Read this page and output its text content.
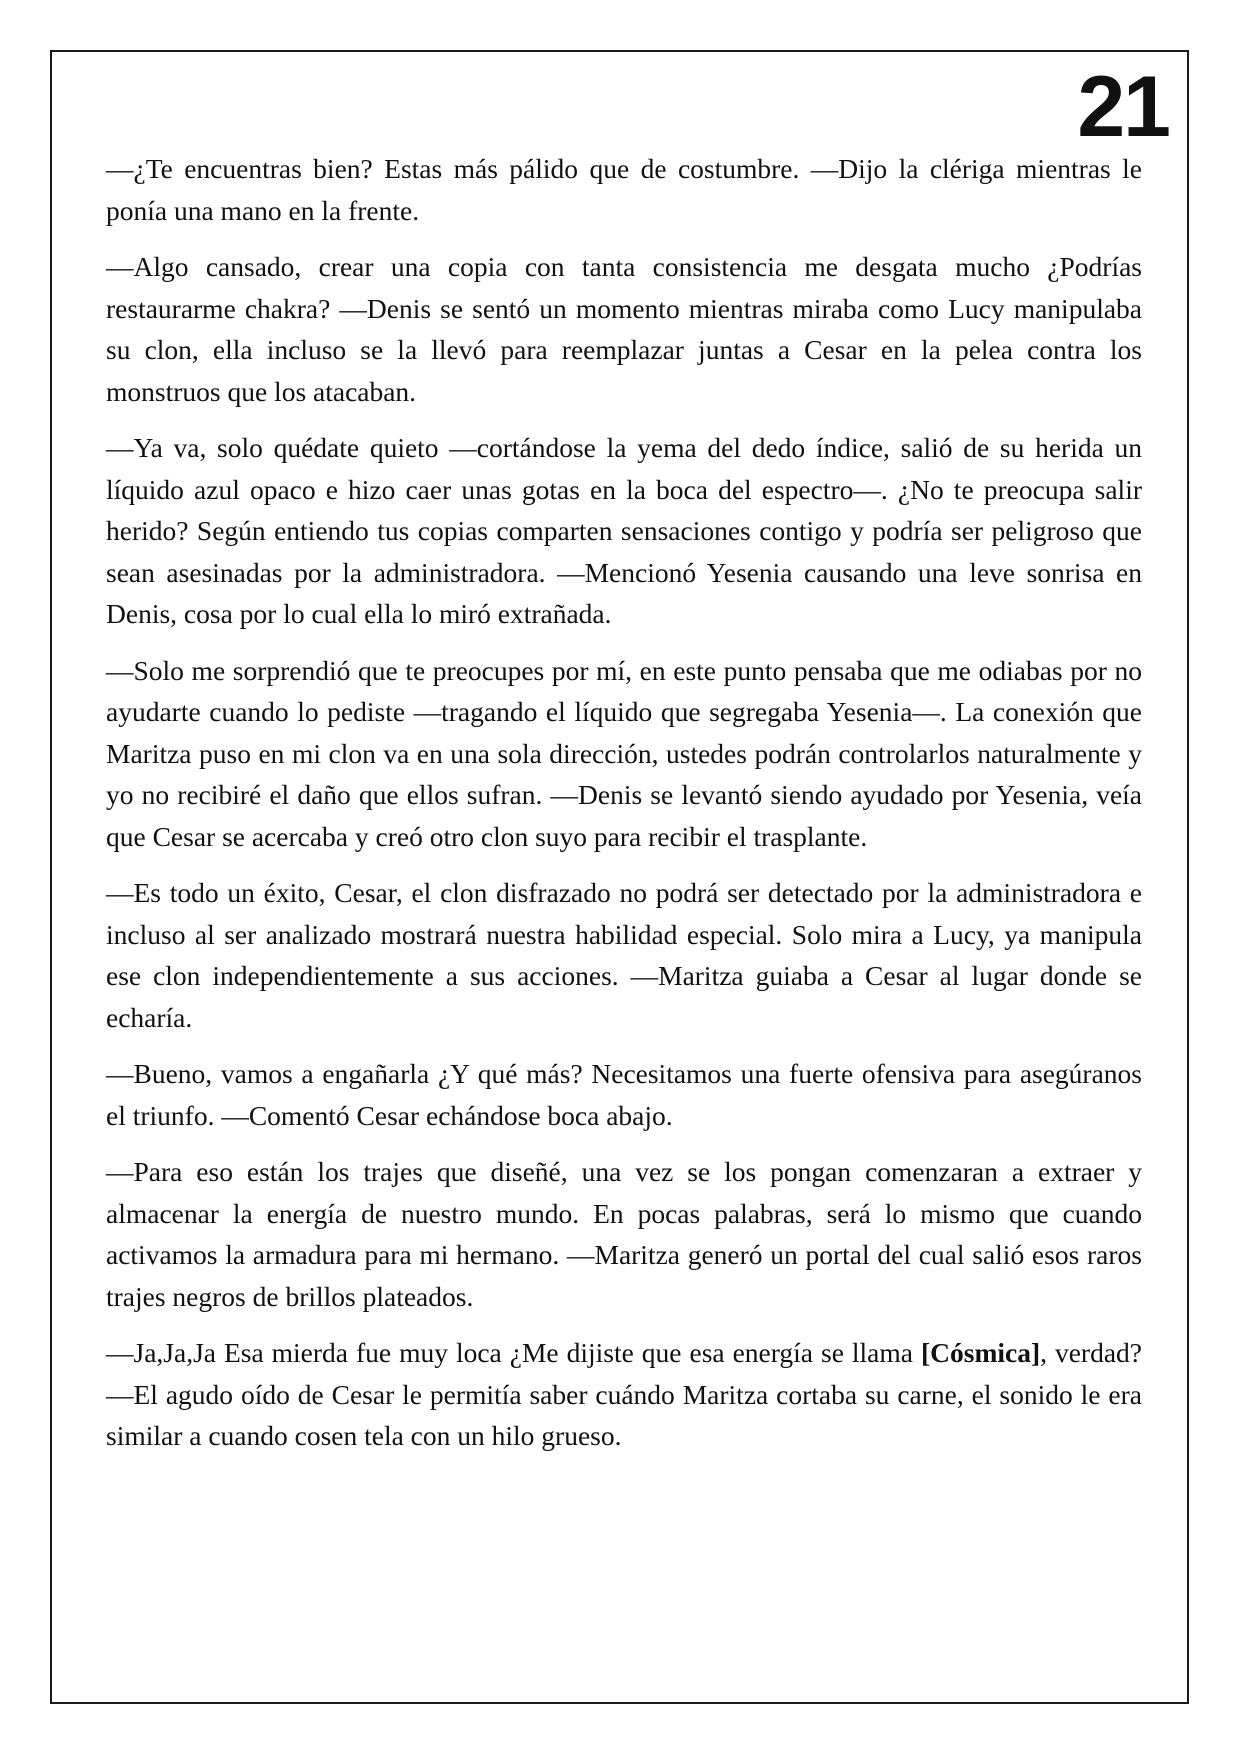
21

—¿Te encuentras bien? Estas más pálido que de costumbre. —Dijo la clériga mientras le ponía una mano en la frente.

—Algo cansado, crear una copia con tanta consistencia me desgata mucho ¿Podrías restaurarme chakra? —Denis se sentó un momento mientras miraba como Lucy manipulaba su clon, ella incluso se la llevó para reemplazar juntas a Cesar en la pelea contra los monstruos que los atacaban.

—Ya va, solo quédate quieto —cortándose la yema del dedo índice, salió de su herida un líquido azul opaco e hizo caer unas gotas en la boca del espectro—. ¿No te preocupa salir herido? Según entiendo tus copias comparten sensaciones contigo y podría ser peligroso que sean asesinadas por la administradora. —Mencionó Yesenia causando una leve sonrisa en Denis, cosa por lo cual ella lo miró extrañada.

—Solo me sorprendió que te preocupes por mí, en este punto pensaba que me odiabas por no ayudarte cuando lo pediste —tragando el líquido que segregaba Yesenia—. La conexión que Maritza puso en mi clon va en una sola dirección, ustedes podrán controlarlos naturalmente y yo no recibiré el daño que ellos sufran. —Denis se levantó siendo ayudado por Yesenia, veía que Cesar se acercaba y creó otro clon suyo para recibir el trasplante.

—Es todo un éxito, Cesar, el clon disfrazado no podrá ser detectado por la administradora e incluso al ser analizado mostrará nuestra habilidad especial. Solo mira a Lucy, ya manipula ese clon independientemente a sus acciones. —Maritza guiaba a Cesar al lugar donde se echaría.

—Bueno, vamos a engañarla ¿Y qué más? Necesitamos una fuerte ofensiva para asegúranos el triunfo. —Comentó Cesar echándose boca abajo.

—Para eso están los trajes que diseñé, una vez se los pongan comenzaran a extraer y almacenar la energía de nuestro mundo. En pocas palabras, será lo mismo que cuando activamos la armadura para mi hermano. —Maritza generó un portal del cual salió esos raros trajes negros de brillos plateados.

—Ja,Ja,Ja Esa mierda fue muy loca ¿Me dijiste que esa energía se llama [Cósmica], verdad? —El agudo oído de Cesar le permitía saber cuándo Maritza cortaba su carne, el sonido le era similar a cuando cosen tela con un hilo grueso.
